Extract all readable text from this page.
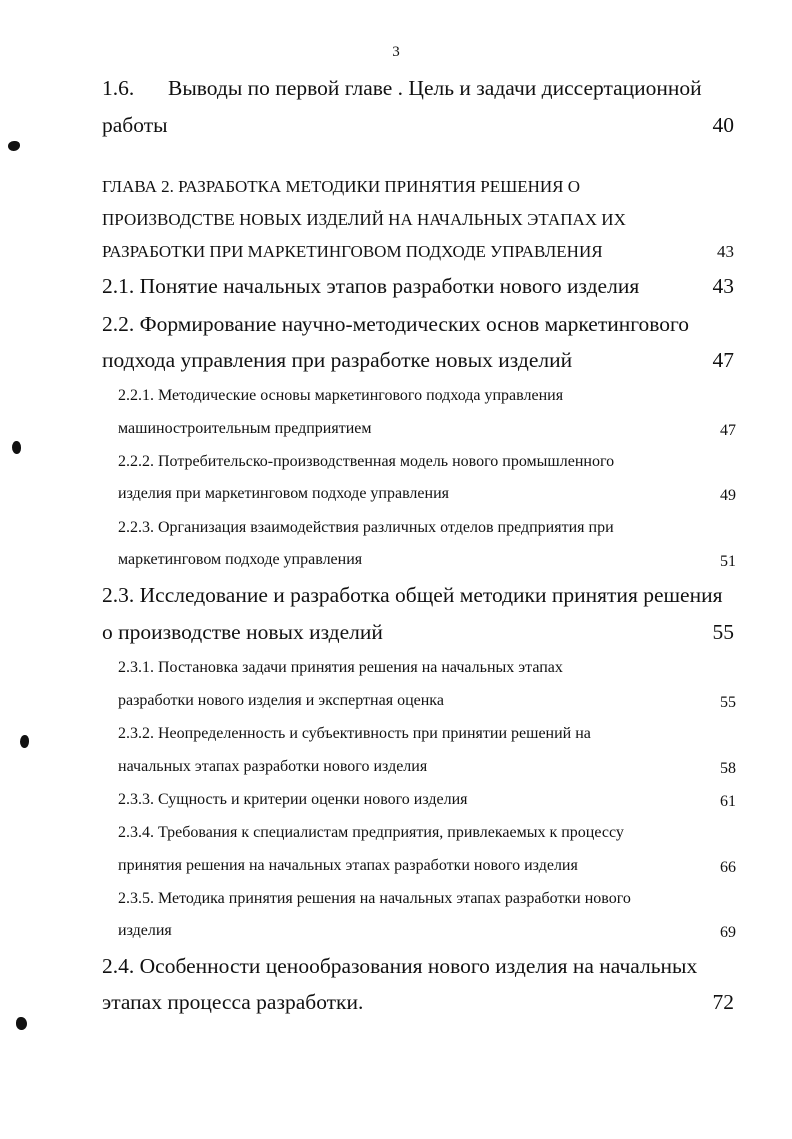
3
1.6. Выводы по первой главе . Цель и задачи диссертационной
работы	40
ГЛАВА 2. РАЗРАБОТКА МЕТОДИКИ ПРИНЯТИЯ РЕШЕНИЯ О
ПРОИЗВОДСТВЕ НОВЫХ ИЗДЕЛИЙ НА НАЧАЛЬНЫХ ЭТАПАХ ИХ
РАЗРАБОТКИ ПРИ МАРКЕТИНГОВОМ ПОДХОДЕ УПРАВЛЕНИЯ	43
2.1. Понятие начальных этапов разработки нового изделия	43
2.2. Формирование научно-методических основ маркетингового
подхода управления при разработке новых изделий	47
2.2.1. Методические основы маркетингового подхода управления
машиностроительным предприятием	47
2.2.2. Потребительско-производственная модель нового промышленного
изделия при маркетинговом подходе управления	49
2.2.3. Организация взаимодействия различных отделов предприятия при
маркетинговом подходе управления	51
2.3. Исследование и разработка общей методики принятия решения
о производстве новых изделий	55
2.3.1. Постановка задачи принятия решения на начальных этапах
разработки нового изделия и экспертная оценка	55
2.3.2. Неопределенность и субъективность при принятии решений на
начальных этапах разработки нового изделия	58
2.3.3. Сущность и критерии оценки нового изделия	61
2.3.4. Требования к специалистам предприятия, привлекаемых к процессу
принятия решения на начальных этапах разработки нового изделия	66
2.3.5. Методика принятия решения на начальных этапах разработки нового
изделия	69
2.4. Особенности ценообразования нового изделия на начальных
этапах процесса разработки.	72
